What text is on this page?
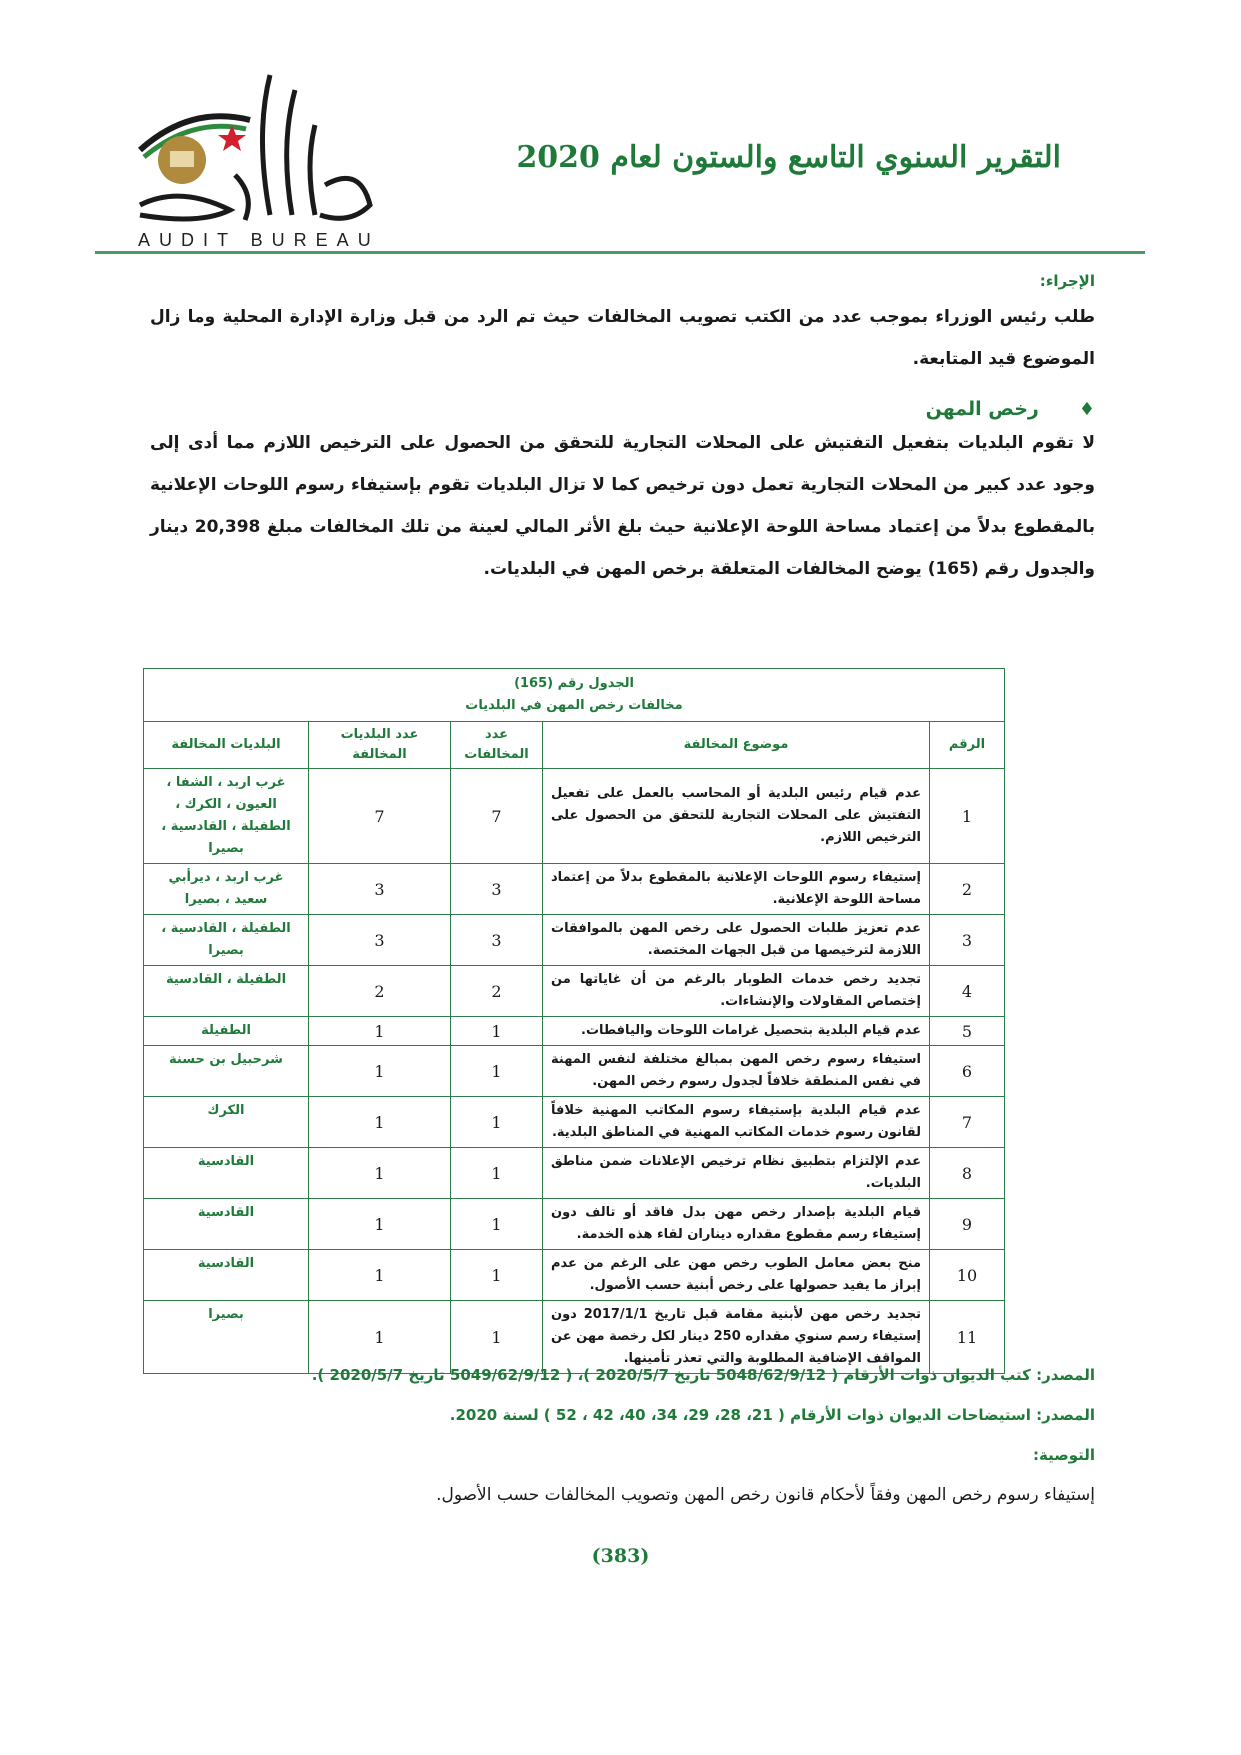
AUDIT BUREAU
التقرير السنوي التاسع والستون لعام 2020
الإجراء:

طلب رئيس الوزراء بموجب عدد من الكتب تصويب المخالفات حيث تم الرد من قبل وزارة الإدارة المحلية وما زال الموضوع قيد المتابعة.

♦
رخص المهن

لا تقوم البلديات بتفعيل التفتيش على المحلات التجارية للتحقق من الحصول على الترخيص اللازم مما أدى إلى وجود عدد كبير من المحلات التجارية تعمل دون ترخيص كما لا تزال البلديات تقوم بإستيفاء رسوم اللوحات الإعلانية بالمقطوع بدلاً من إعتماد مساحة اللوحة الإعلانية حيث بلغ الأثر المالي لعينة من تلك المخالفات مبلغ 20,398 دينار والجدول رقم (165) يوضح المخالفات المتعلقة برخص المهن في البلديات.

الجدول رقم (165)
مخالفات رخص المهن في البلديات				

الرقم	موضوع المخالفة	عدد المخالفات	عدد البلديات المخالفة	البلديات المخالفة
1	عدم قيام رئيس البلدية أو المحاسب بالعمل على تفعيل التفتيش على المحلات التجارية للتحقق من الحصول على الترخيص اللازم.	7	7	غرب اربد ، الشفا ، العيون ، الكرك ، الطفيلة ، القادسية ، بصيرا
2	إستيفاء رسوم اللوحات الإعلانية بالمقطوع بدلاً من إعتماد مساحة اللوحة الإعلانية.	3	3	غرب اربد ، ديرأبي سعيد ، بصيرا
3	عدم تعزيز طلبات الحصول على رخص المهن بالموافقات اللازمة لترخيصها من قبل الجهات المختصة.	3	3	الطفيلة ، القادسية ، بصيرا
4	تجديد رخص خدمات الطوبار بالرغم من أن غاياتها من إختصاص المقاولات والإنشاءات.	2	2	الطفيلة ، القادسية
5	عدم قيام البلدية بتحصيل غرامات اللوحات واليافطات.	1	1	الطفيلة
6	استيفاء رسوم رخص المهن بمبالغ مختلفة لنفس المهنة في نفس المنطقة خلافاً لجدول رسوم رخص المهن.	1	1	شرحبيل بن حسنة
7	عدم قيام البلدية بإستيفاء رسوم المكاتب المهنية خلافاً لقانون رسوم خدمات المكاتب المهنية في المناطق البلدية.	1	1	الكرك
8	عدم الإلتزام بتطبيق نظام ترخيص الإعلانات ضمن مناطق البلديات.	1	1	القادسية
9	قيام البلدية بإصدار رخص مهن بدل فاقد أو تالف دون إستيفاء رسم مقطوع مقداره ديناران لقاء هذه الخدمة.	1	1	القادسية
10	منح بعض معامل الطوب رخص مهن على الرغم من عدم إبراز ما يفيد حصولها على رخص أبنية حسب الأصول.	1	1	القادسية
11	تجديد رخص مهن لأبنية مقامة قبل تاريخ 2017/1/1 دون إستيفاء رسم سنوي مقداره 250 دينار لكل رخصة مهن عن المواقف الإضافية المطلوبة والتي تعذر تأمينها.	1	1	بصيرا
المصدر: كتب الديوان ذوات الأرقام ( 5048/62/9/12 تاريخ 2020/5/7 )، ( 5049/62/9/12 تاريخ 2020/5/7 ).
المصدر: استيضاحات الديوان ذوات الأرقام ( 21، 28، 29، 34، 40، 42 ، 52 ) لسنة 2020.
التوصية:
إستيفاء رسوم رخص المهن وفقاً لأحكام قانون رخص المهن وتصويب المخالفات حسب الأصول.
(383)
